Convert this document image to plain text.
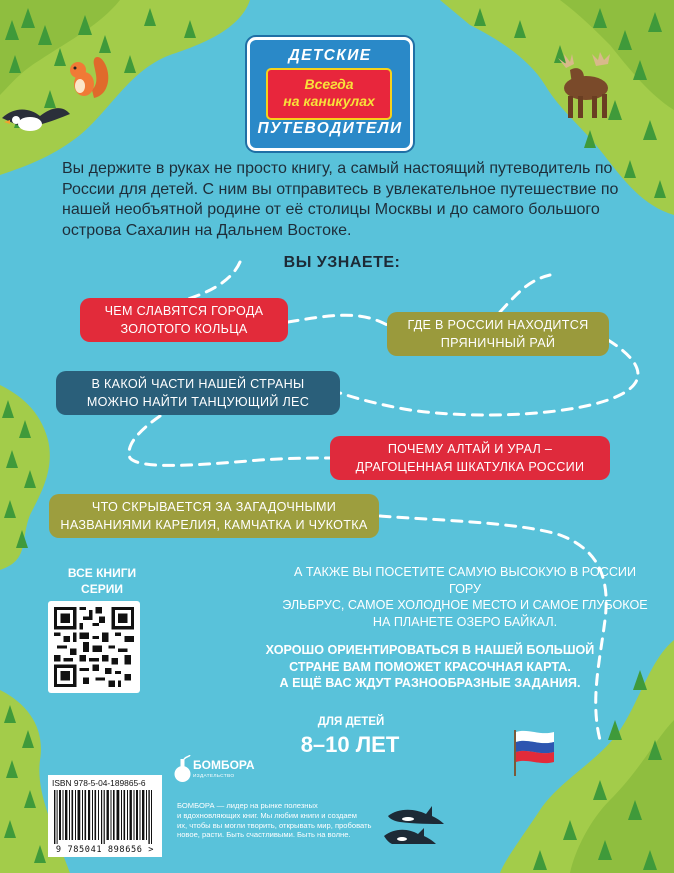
ДЕТСКИЕ
Всегда
на каникулах
ПУТЕВОДИТЕЛИ
Вы держите в руках не просто книгу, а самый настоящий путеводитель по России для детей. С ним вы отправитесь в увлекательное путешествие по нашей необъятной родине от её столицы Москвы и до самого большого острова Сахалин на Дальнем Востоке.
ВЫ УЗНАЕТЕ:
ЧЕМ СЛАВЯТСЯ ГОРОДА
ЗОЛОТОГО КОЛЬЦА	ГДЕ В РОССИИ НАХОДИТСЯ
ПРЯНИЧНЫЙ РАЙ
В КАКОЙ ЧАСТИ НАШЕЙ СТРАНЫ
МОЖНО НАЙТИ ТАНЦУЮЩИЙ ЛЕС
ПОЧЕМУ АЛТАЙ И УРАЛ –
ДРАГОЦЕННАЯ ШКАТУЛКА РОССИИ
ЧТО СКРЫВАЕТСЯ ЗА ЗАГАДОЧНЫМИ
НАЗВАНИЯМИ КАРЕЛИЯ, КАМЧАТКА И ЧУКОТКА
ВСЕ КНИГИ
СЕРИИ
А ТАКЖЕ ВЫ ПОСЕТИТЕ САМУЮ ВЫСОКУЮ В РОССИИ ГОРУ
ЭЛЬБРУС, САМОЕ ХОЛОДНОЕ МЕСТО И САМОЕ ГЛУБОКОЕ
НА ПЛАНЕТЕ ОЗЕРО БАЙКАЛ.
ХОРОШО ОРИЕНТИРОВАТЬСЯ В НАШЕЙ БОЛЬШОЙ
СТРАНЕ ВАМ ПОМОЖЕТ КРАСОЧНАЯ КАРТА.
А ЕЩЁ ВАС ЖДУТ РАЗНООБРАЗНЫЕ ЗАДАНИЯ.
ДЛЯ ДЕТЕЙ
8–10 ЛЕТ
ISBN 978-5-04-189865-6
9 785041 898656 >
БОМБОРА
ИЗДАТЕЛЬСТВО
БОМБОРА — лидер на рынке полезных
и вдохновляющих книг. Мы любим книги и создаем
их, чтобы вы могли творить, открывать мир, пробовать
новое, расти. Быть счастливыми. Быть на волне.
